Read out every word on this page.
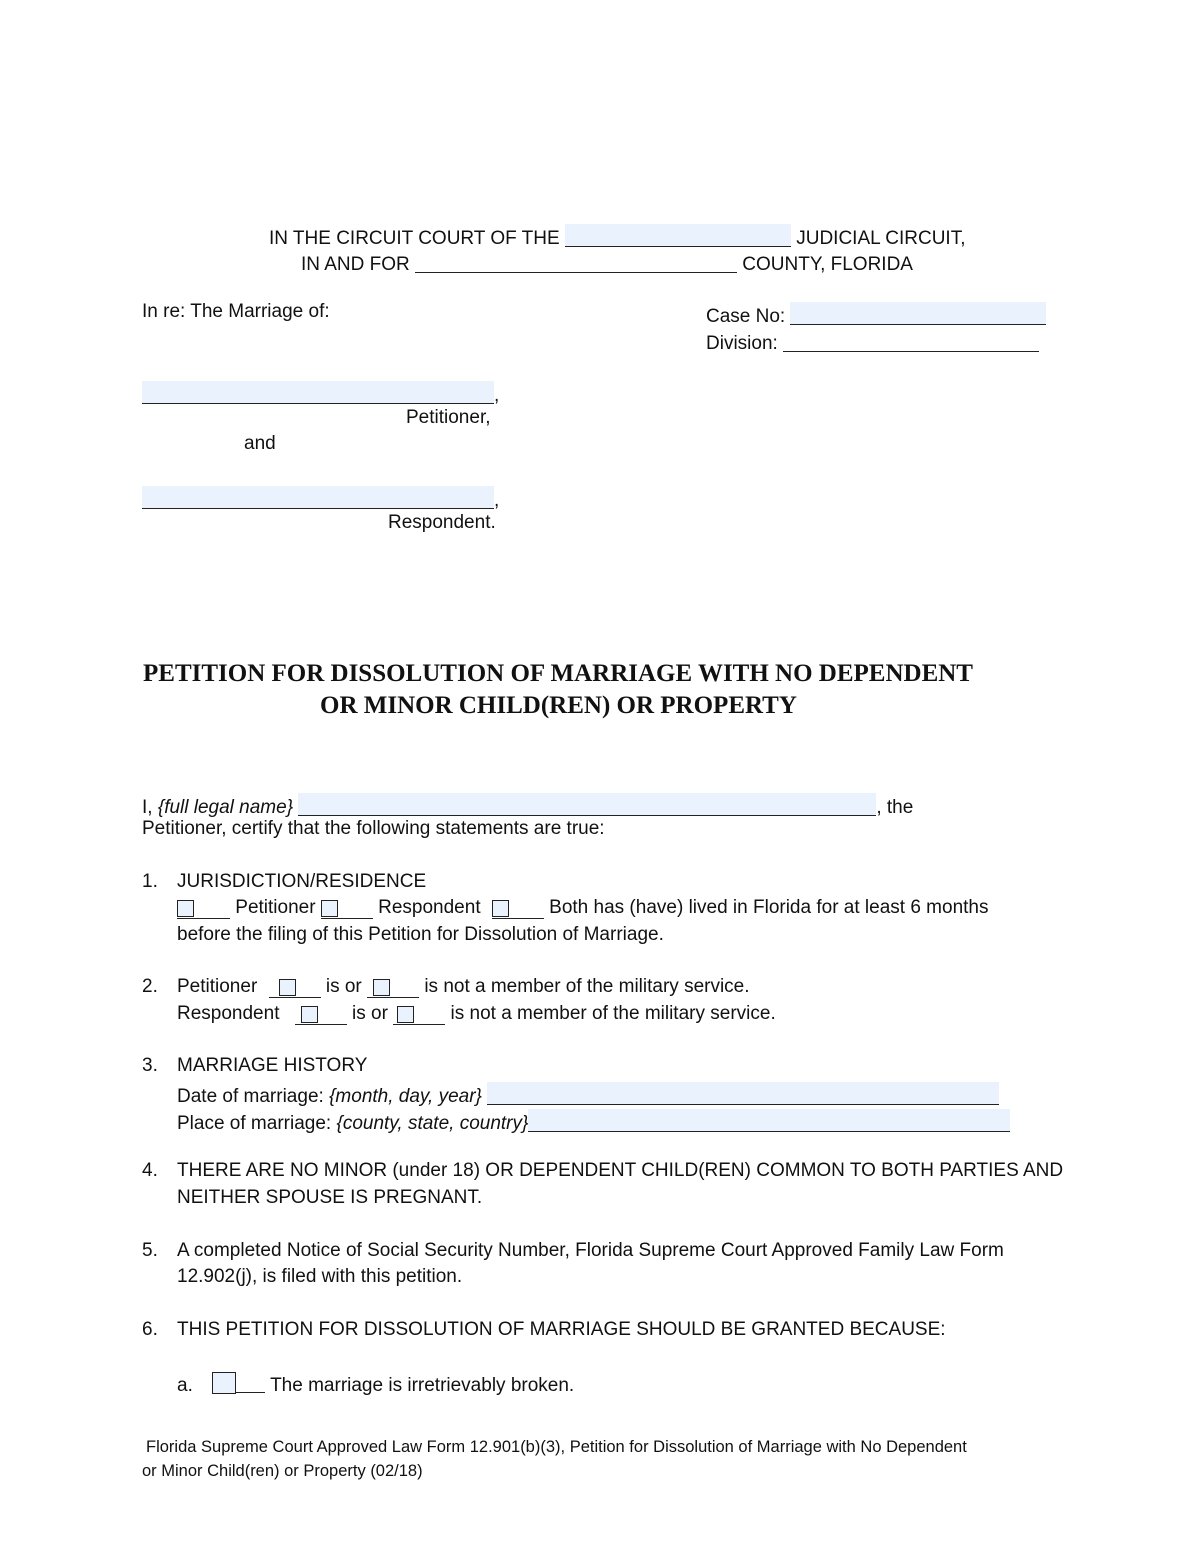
IN THE CIRCUIT COURT OF THE	JUDICIAL CIRCUIT,
IN AND FOR	COUNTY, FLORIDA
In re: The Marriage of:	Case No:
Division:
,
Petitioner,
and
,
Respondent.
PETITION FOR DISSOLUTION OF MARRIAGE WITH NO DEPENDENT
OR MINOR CHILD(REN) OR PROPERTY
I, {full legal name}	, the
Petitioner, certify that the following statements are true:
1. JURISDICTION/RESIDENCE
Petitioner	Respondent	Both has (have) lived in Florida for at least 6 months
before the filing of this Petition for Dissolution of Marriage.
2. Petitioner	is or	is not a member of the military service.
Respondent	is or	is not a member of the military service.
3. MARRIAGE HISTORY
Date of marriage: {month, day, year}
Place of marriage: {county, state, country}
4. THERE ARE NO MINOR (under 18) OR DEPENDENT CHILD(REN) COMMON TO BOTH PARTIES AND
NEITHER SPOUSE IS PREGNANT.
5. A completed Notice of Social Security Number, Florida Supreme Court Approved Family Law Form
12.902(j), is filed with this petition.
6. THIS PETITION FOR DISSOLUTION OF MARRIAGE SHOULD BE GRANTED BECAUSE:
a.	The marriage is irretrievably broken.
Florida Supreme Court Approved Law Form 12.901(b)(3), Petition for Dissolution of Marriage with No Dependent
or Minor Child(ren) or Property (02/18)
